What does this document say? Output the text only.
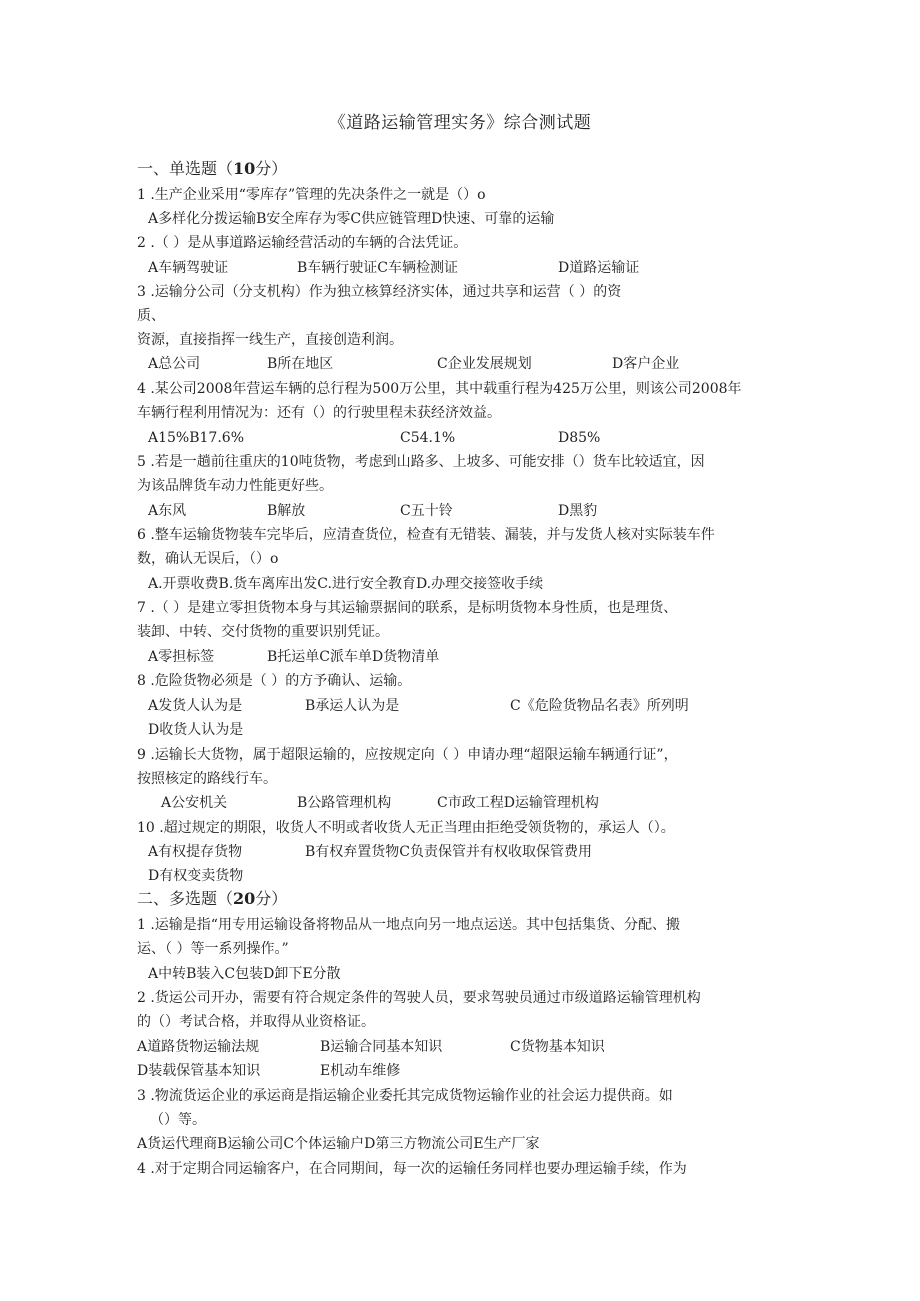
《道路运输管理实务》综合测试题
一、单选题（10分）
1 .生产企业采用“零库存”管理的先决条件之一就是（）o
A多样化分拨运输B安全库存为零C供应链管理D快速、可靠的运输
2 .（ ）是从事道路运输经营活动的车辆的合法凭证。
A车辆驾驶证	B车辆行驶证C车辆检测证	D道路运输证
3 .运输分公司（分支机构）作为独立核算经济实体，通过共享和运营（ ）的资
质、
资源，直接指挥一线生产，直接创造利润。
A总公司	B所在地区	C企业发展规划	D客户企业
4 .某公司2008年营运车辆的总行程为500万公里，其中载重行程为425万公里，则该公司2008年
车辆行程利用情况为：还有（）的行驶里程未获经济效益。
A15%B17.6%	C54.1%	D85%
5 .若是一趟前往重庆的10吨货物，考虑到山路多、上坡多、可能安排（）货车比较适宜，因
为该品牌货车动力性能更好些。
A东风	B解放	C五十铃	D黑豹
6 .整车运输货物装车完毕后，应清查货位，检查有无错装、漏装，并与发货人核对实际装车件
数，确认无误后，（）o
A.开票收费B.货车离库出发C.进行安全教育D.办理交接签收手续
7 .（ ）是建立零担货物本身与其运输票据间的联系，是标明货物本身性质，也是理货、
装卸、中转、交付货物的重要识别凭证。
A零担标签	B托运单C派车单D货物清单
8 .危险货物必须是（ ）的方予确认、运输。
A发货人认为是	B承运人认为是	C《危险货物品名表》所列明
D收货人认为是
9 .运输长大货物，属于超限运输的，应按规定向（ ）申请办理“超限运输车辆通行证”，
按照核定的路线行车。
A公安机关	B公路管理机构	C市政工程D运输管理机构
10 .超过规定的期限，收货人不明或者收货人无正当理由拒绝受领货物的，承运人（）。
A有权提存货物	B有权弃置货物C负责保管并有权收取保管费用
D有权变卖货物
二、多选题（20分）
1 .运输是指“用专用运输设备将物品从一地点向另一地点运送。其中包括集货、分配、搬
运、（ ）等一系列操作。”
A中转B装入C包装D卸下E分散
2 .货运公司开办，需要有符合规定条件的驾驶人员，要求驾驶员通过市级道路运输管理机构
的（）考试合格，并取得从业资格证。
A道路货物运输法规	B运输合同基本知识	C货物基本知识
D装载保管基本知识	E机动车维修
3 .物流货运企业的承运商是指运输企业委托其完成货物运输作业的社会运力提供商。如
（）等。
A货运代理商B运输公司C个体运输户D第三方物流公司E生产厂家
4 .对于定期合同运输客户，在合同期间，每一次的运输任务同样也要办理运输手续，作为
